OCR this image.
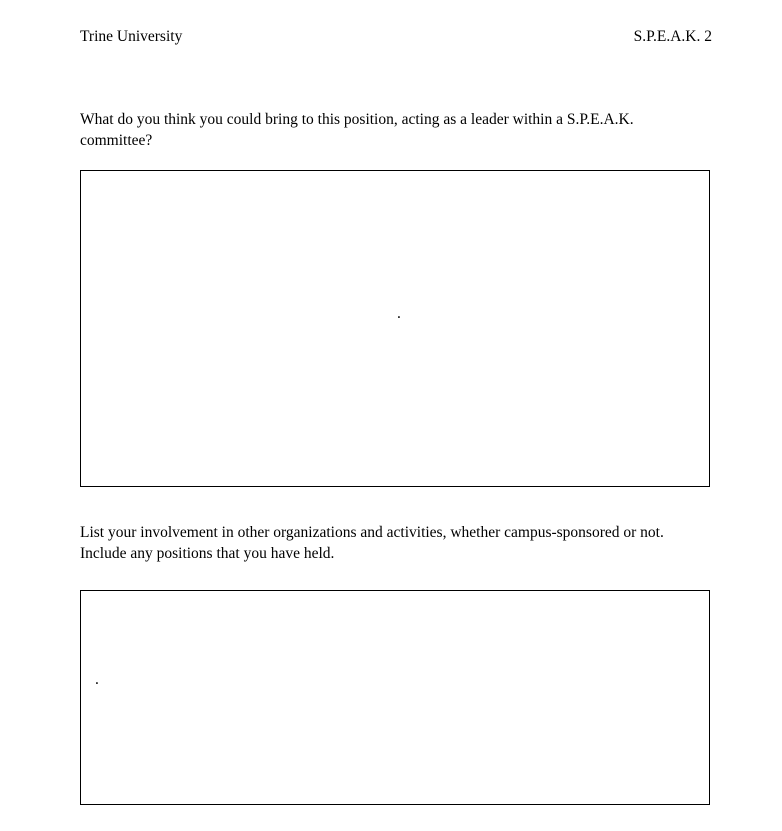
Trine University	S.P.E.A.K. 2
What do you think you could bring to this position, acting as a leader within a S.P.E.A.K. committee?
.
List your involvement in other organizations and activities, whether campus-sponsored or not. Include any positions that you have held.
.
